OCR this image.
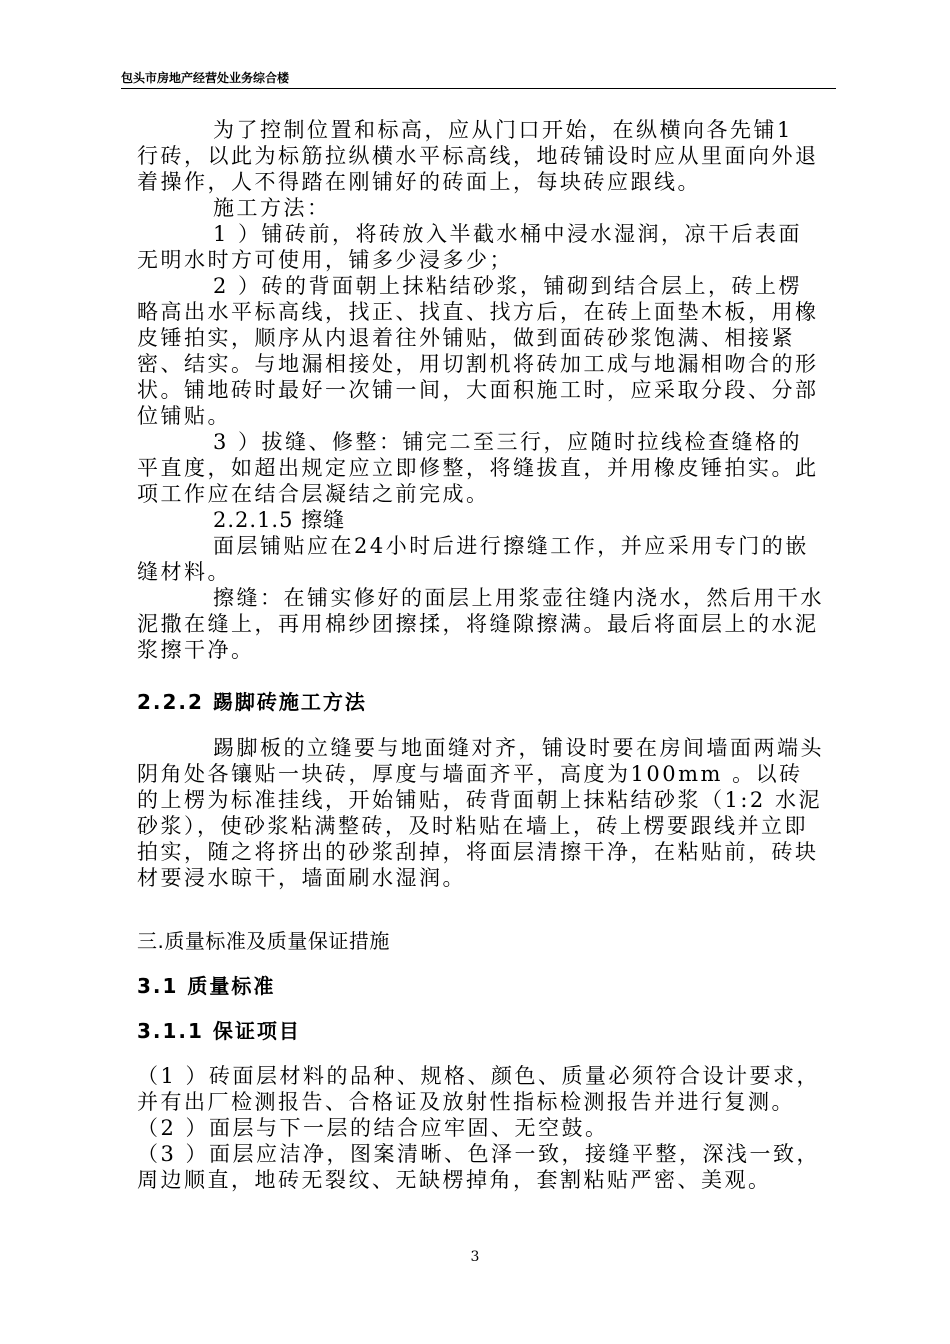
包头市房地产经营处业务综合楼

为了控制位置和标高，应从门口开始，在纵横向各先铺1 行砖，以此为标筋拉纵横水平标高线，地砖铺设时应从里面向外退着操作，人不得踏在刚铺好的砖面上，每块砖应跟线。

施工方法：

1 ）铺砖前，将砖放入半截水桶中浸水湿润，凉干后表面无明水时方可使用，铺多少浸多少；

2 ）砖的背面朝上抹粘结砂浆，铺砌到结合层上，砖上楞略高出水平标高线，找正、找直、找方后，在砖上面垫木板，用橡皮锤拍实，顺序从内退着往外铺贴，做到面砖砂浆饱满、相接紧密、结实。与地漏相接处，用切割机将砖加工成与地漏相吻合的形状。铺地砖时最好一次铺一间，大面积施工时，应采取分段、分部位铺贴。

3 ）拔缝、修整：铺完二至三行，应随时拉线检查缝格的平直度，如超出规定应立即修整，将缝拔直，并用橡皮锤拍实。此项工作应在结合层凝结之前完成。

2.2.1.5 擦缝

面层铺贴应在24小时后进行擦缝工作，并应采用专门的嵌缝材料。

擦缝：在铺实修好的面层上用浆壶往缝内浇水，然后用干水泥撒在缝上，再用棉纱团擦揉，将缝隙擦满。最后将面层上的水泥浆擦干净。

2.2.2 踢脚砖施工方法

踢脚板的立缝要与地面缝对齐，铺设时要在房间墙面两端头阴角处各镶贴一块砖，厚度与墙面齐平，高度为100mm 。以砖的上楞为标准挂线，开始铺贴，砖背面朝上抹粘结砂浆（1:2 水泥砂浆），使砂浆粘满整砖，及时粘贴在墙上，砖上楞要跟线并立即拍实，随之将挤出的砂浆刮掉，将面层清擦干净，在粘贴前，砖块材要浸水晾干，墙面刷水湿润。

三.质量标准及质量保证措施

3.1 质量标准

3.1.1 保证项目

（1 ）砖面层材料的品种、规格、颜色、质量必须符合设计要求，并有出厂检测报告、合格证及放射性指标检测报告并进行复测。

（2 ）面层与下一层的结合应牢固、无空鼓。

（3 ）面层应洁净，图案清晰、色泽一致，接缝平整，深浅一致，周边顺直，地砖无裂纹、无缺楞掉角，套割粘贴严密、美观。

3
